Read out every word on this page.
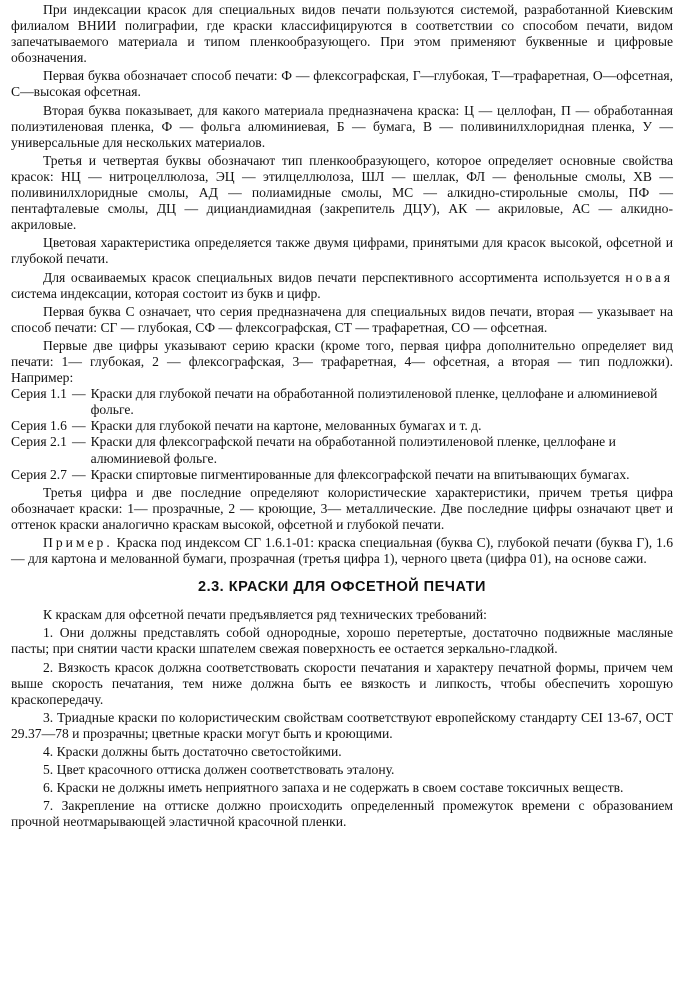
При индексации красок для специальных видов печати пользуются системой, разработанной Киевским филиалом ВНИИ полиграфии, где краски классифицируются в соответствии со способом печати, видом запечатываемого материала и типом пленкообразующего. При этом применяют буквенные и цифровые обозначения.

Первая буква обозначает способ печати: Ф — флексографская, Г—глубокая, Т—трафаретная, О—офсетная, С—высокая офсетная.

Вторая буква показывает, для какого материала предназначена краска: Ц — целлофан, П — обработанная полиэтиленовая пленка, Ф — фольга алюминиевая, Б — бумага, В — поливинилхлоридная пленка, У — универсальные для нескольких материалов.

Третья и четвертая буквы обозначают тип пленкообразующего, которое определяет основные свойства красок: НЦ — нитроцеллюлоза, ЭЦ — этилцеллюлоза, ШЛ — шеллак, ФЛ — фенольные смолы, ХВ — поливинилхлоридные смолы, АД — полиамидные смолы, МС — алкидно-стирольные смолы, ПФ — пентафталевые смолы, ДЦ — дициандиамидная (закрепитель ДЦУ), АК — акриловые, АС — алкидно-акриловые.

Цветовая характеристика определяется также двумя цифрами, принятыми для красок высокой, офсетной и глубокой печати.

Для осваиваемых красок специальных видов печати перспективного ассортимента используется новая система индексации, которая состоит из букв и цифр.

Первая буква С означает, что серия предназначена для специальных видов печати, вторая — указывает на способ печати: СГ — глубокая, СФ — флексографская, СТ — трафаретная, СО — офсетная.

Первые две цифры указывают серию краски (кроме того, первая цифра дополнительно определяет вид печати: 1— глубокая, 2 — флексографская, 3— трафаретная, 4— офсетная, а вторая — тип подложки). Например:

Серия 1.1 — Краски для глубокой печати на обработанной полиэтиленовой пленке, целлофане и алюминиевой фольге.
Серия 1.6 — Краски для глубокой печати на картоне, мелованных бумагах и т. д.
Серия 2.1 — Краски для флексографской печати на обработанной полиэтиленовой пленке, целлофане и алюминиевой фольге.
Серия 2.7 — Краски спиртовые пигментированные для флексографской печати на впитывающих бумагах.

Третья цифра и две последние определяют колористические характеристики, причем третья цифра обозначает краски: 1— прозрачные, 2 — кроющие, 3— металлические. Две последние цифры означают цвет и оттенок краски аналогично краскам высокой, офсетной и глубокой печати.

Пример. Краска под индексом СГ 1.6.1-01: краска специальная (буква С), глубокой печати (буква Г), 1.6 — для картона и мелованной бумаги, прозрачная (третья цифра 1), черного цвета (цифра 01), на основе сажи.

2.3. КРАСКИ ДЛЯ ОФСЕТНОЙ ПЕЧАТИ

К краскам для офсетной печати предъявляется ряд технических требований:

1. Они должны представлять собой однородные, хорошо перетертые, достаточно подвижные масляные пасты; при снятии части краски шпателем свежая поверхность ее остается зеркально-гладкой.

2. Вязкость красок должна соответствовать скорости печатания и характеру печатной формы, причем чем выше скорость печатания, тем ниже должна быть ее вязкость и липкость, чтобы обеспечить хорошую краскопередачу.

3. Триадные краски по колористическим свойствам соответствуют европейскому стандарту CEI 13-67, ОСТ 29.37—78 и прозрачны; цветные краски могут быть и кроющими.

4. Краски должны быть достаточно светостойкими.

5. Цвет красочного оттиска должен соответствовать эталону.

6. Краски не должны иметь неприятного запаха и не содержать в своем составе токсичных веществ.

7. Закрепление на оттиске должно происходить определенный промежуток времени с образованием прочной неотмарывающей эластичной красочной пленки.
